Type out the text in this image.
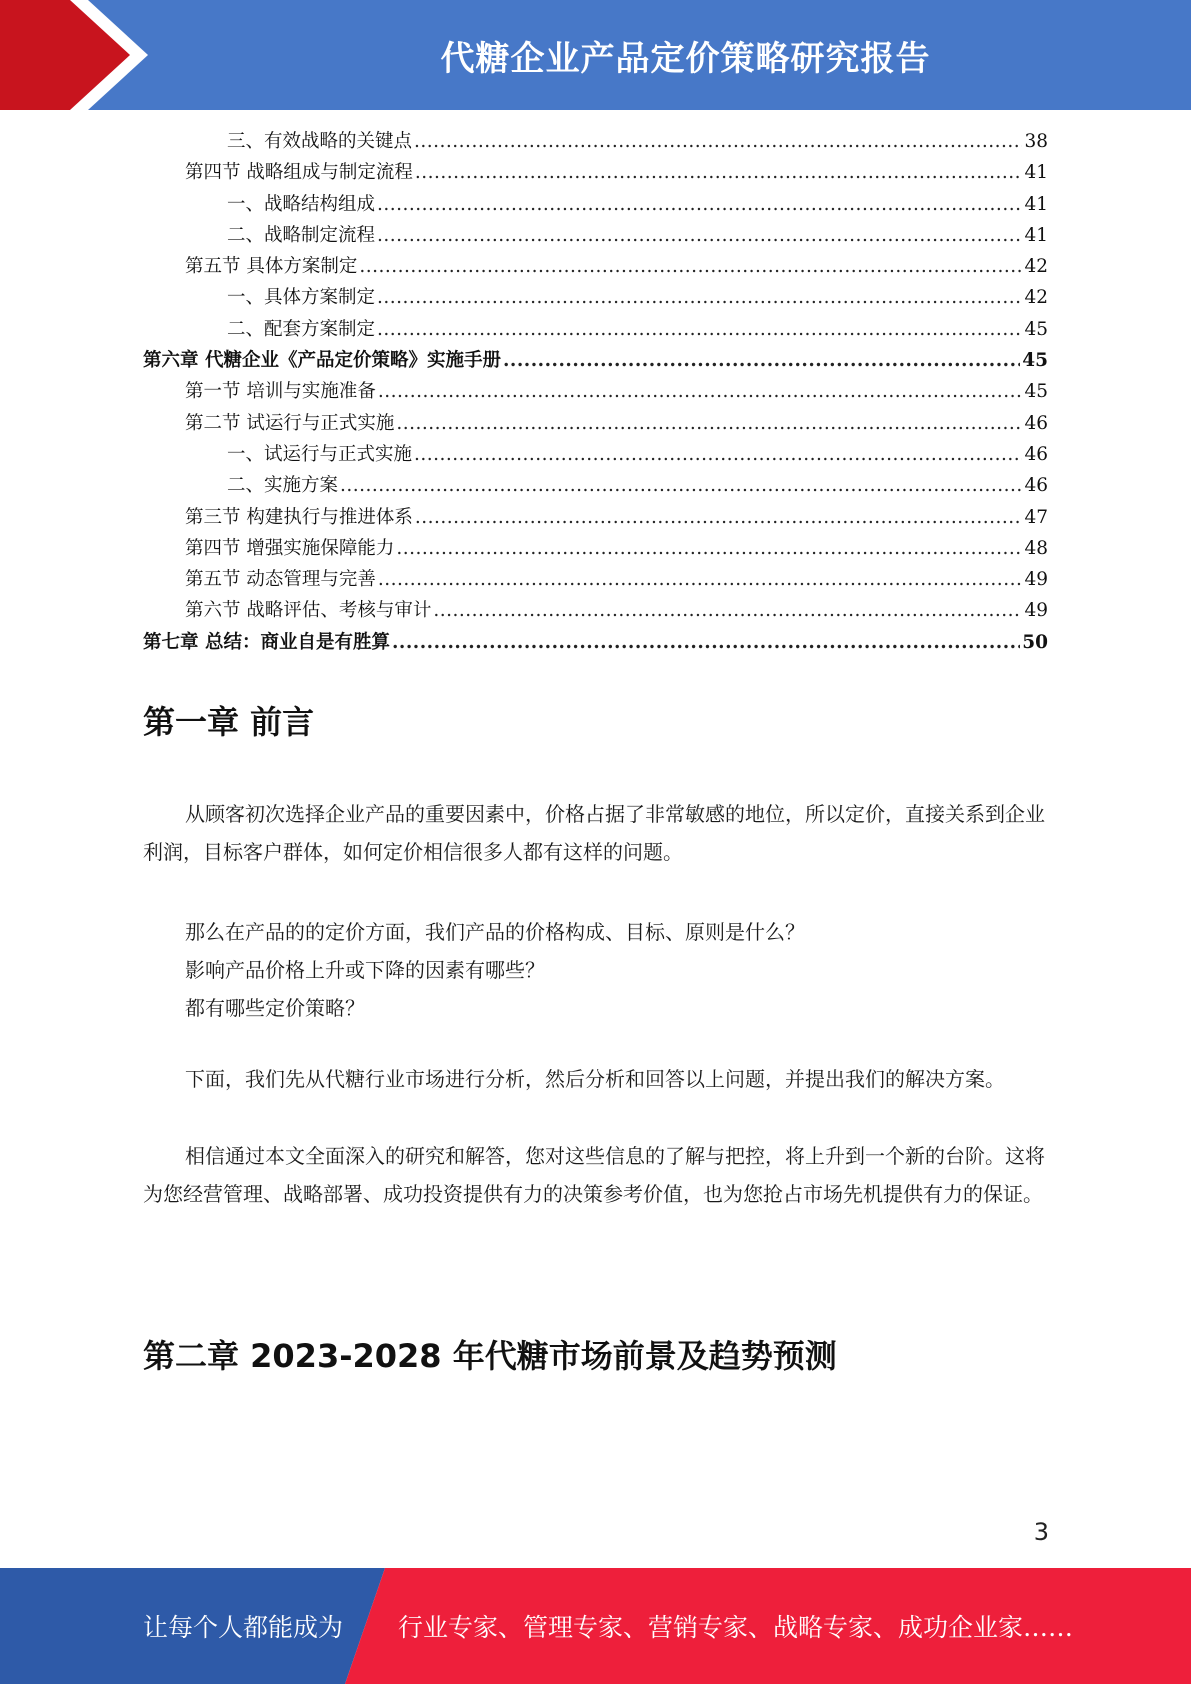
代糖企业产品定价策略研究报告
三、有效战略的关键点 .....	38
第四节 战略组成与制定流程 .....	41
一、战略结构组成 .....	41
二、战略制定流程 .....	41
第五节 具体方案制定 .....	42
一、具体方案制定 .....	42
二、配套方案制定 .....	45
第六章 代糖企业《产品定价策略》实施手册 .....	45
第一节 培训与实施准备 .....	45
第二节 试运行与正式实施 .....	46
一、试运行与正式实施 .....	46
二、实施方案 .....	46
第三节 构建执行与推进体系 .....	47
第四节 增强实施保障能力 .....	48
第五节 动态管理与完善 .....	49
第六节 战略评估、考核与审计 .....	49
第七章 总结：商业自是有胜算 .....	50
第一章 前言

从顾客初次选择企业产品的重要因素中，价格占据了非常敏感的地位，所以定价，直接关系到企业利润，目标客户群体，如何定价相信很多人都有这样的问题。

那么在产品的的定价方面，我们产品的价格构成、目标、原则是什么？

影响产品价格上升或下降的因素有哪些？

都有哪些定价策略？

下面，我们先从代糖行业市场进行分析，然后分析和回答以上问题，并提出我们的解决方案。

相信通过本文全面深入的研究和解答，您对这些信息的了解与把控，将上升到一个新的台阶。这将为您经营管理、战略部署、成功投资提供有力的决策参考价值，也为您抢占市场先机提供有力的保证。

第二章 2023-2028 年代糖市场前景及趋势预测
3
让每个人都能成为 行业专家、管理专家、营销专家、战略专家、成功企业家……
